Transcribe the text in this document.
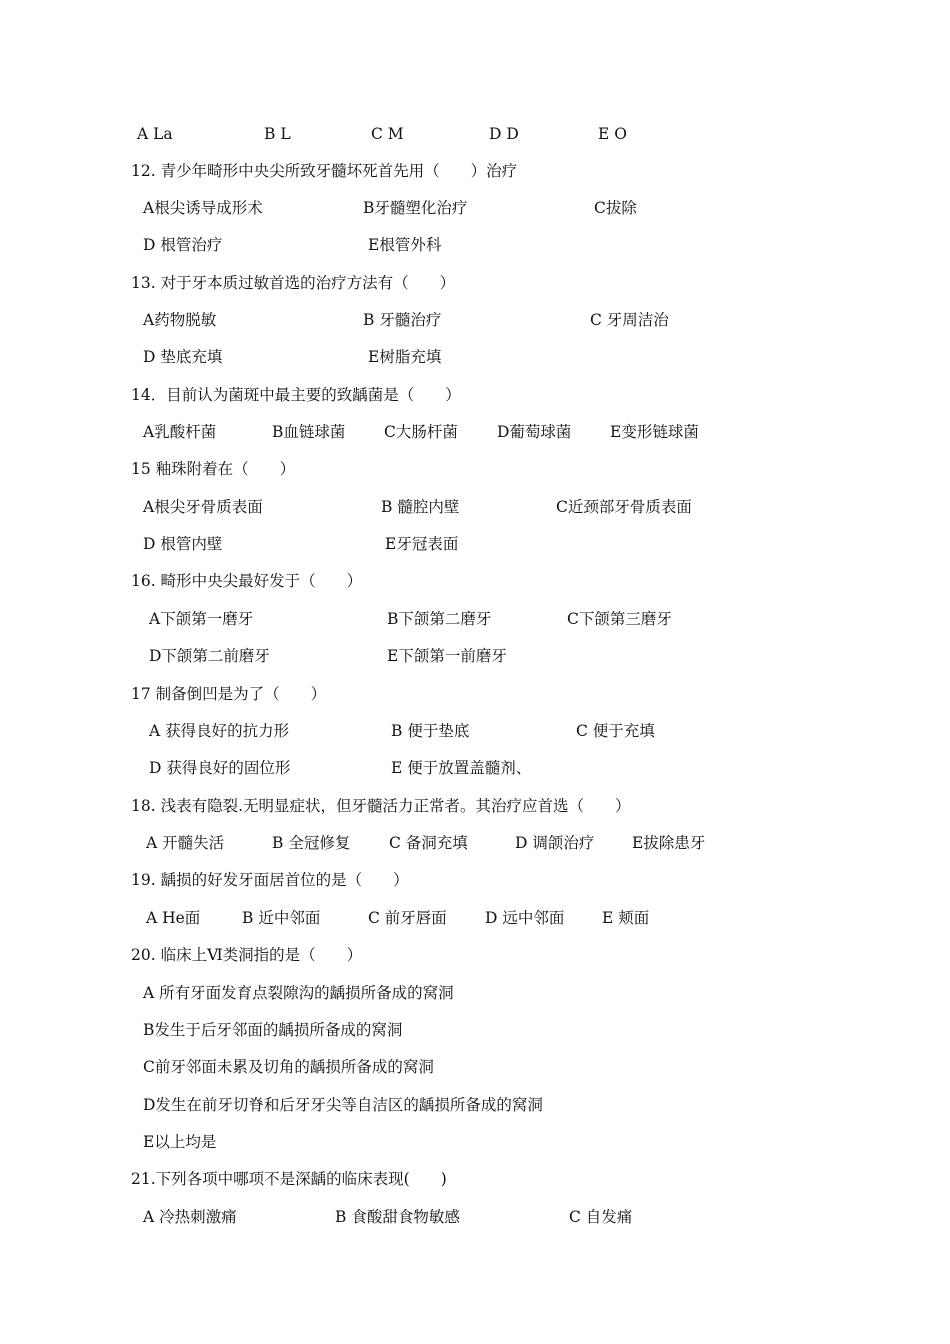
A La	B L	C M	D D	E O
12. 青少年畸形中央尖所致牙髓坏死首先用（　　）治疗
A根尖诱导成形术	B牙髓塑化治疗	C拔除
D 根管治疗	E根管外科
13. 对于牙本质过敏首选的治疗方法有（　　）
A药物脱敏	B 牙髓治疗	C 牙周洁治
D 垫底充填	E树脂充填
14．目前认为菌斑中最主要的致龋菌是（　　）
A乳酸杆菌	B血链球菌 C大肠杆菌	D葡萄球菌 E变形链球菌
15 釉珠附着在（　　）
A根尖牙骨质表面	B 髓腔内壁	C近颈部牙骨质表面
D 根管内壁	E牙冠表面
16. 畸形中央尖最好发于（　　）
A下颌第一磨牙	B下颌第二磨牙	C下颌第三磨牙
D下颌第二前磨牙	E下颌第一前磨牙
17 制备倒凹是为了（　　）
A 获得良好的抗力形	B 便于垫底	C 便于充填
D 获得良好的固位形	E 便于放置盖髓剂、
18. 浅表有隐裂.无明显症状，但牙髓活力正常者。其治疗应首选（　　）
A 开髓失活	B 全冠修复 C 备洞充填	D 调颌治疗 E拔除患牙
19. 龋损的好发牙面居首位的是（　　）
A He面	B 近中邻面	C 前牙唇面 D 远中邻面 E 颊面
20. 临床上Ⅵ类洞指的是（　　）
A 所有牙面发育点裂隙沟的龋损所备成的窝洞
B发生于后牙邻面的龋损所备成的窝洞
C前牙邻面未累及切角的龋损所备成的窝洞
D发生在前牙切脊和后牙牙尖等自洁区的龋损所备成的窝洞
E以上均是
21.下列各项中哪项不是深龋的临床表现(　　)
A 冷热刺激痛	B 食酸甜食物敏感	C 自发痛
